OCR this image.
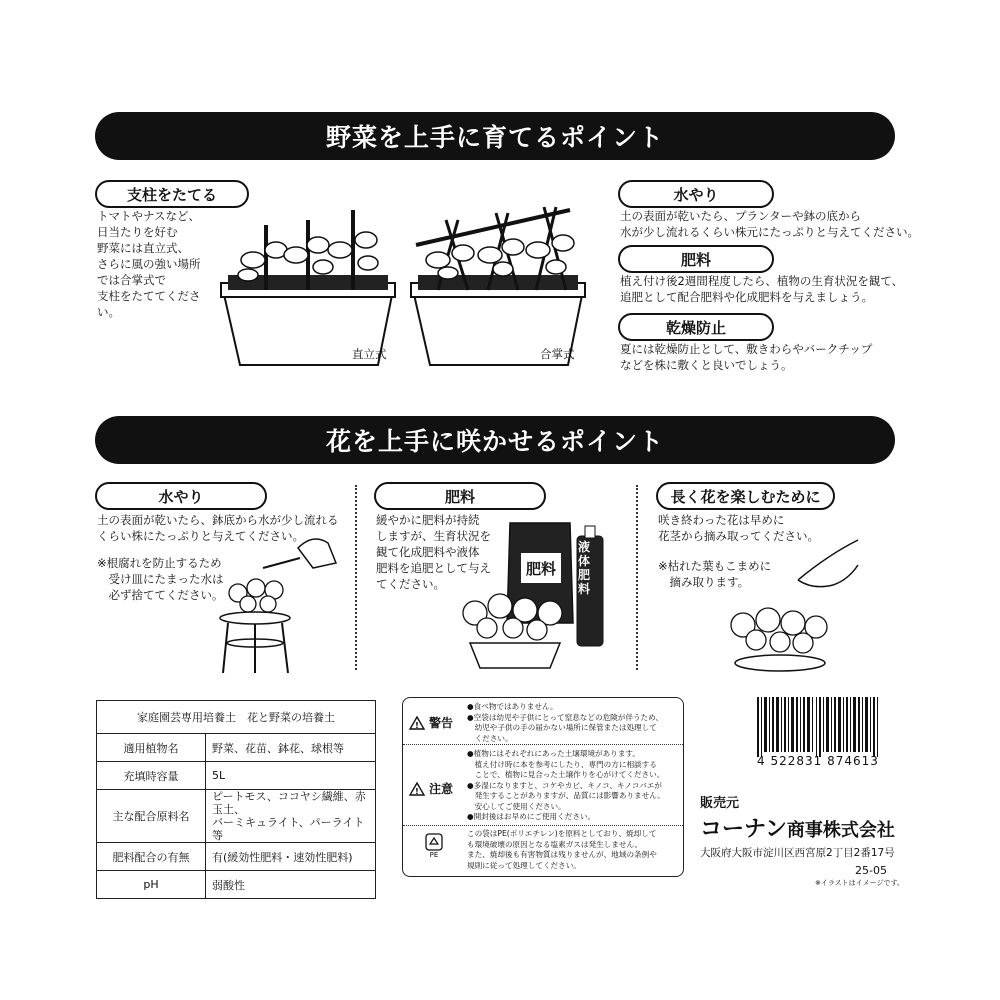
野菜を上手に育てるポイント
支柱をたてる
トマトやナスなど、
日当たりを好む
野菜には直立式、
さらに風の強い場所
では合掌式で
支柱をたててください。
直立式	合掌式
水やり
土の表面が乾いたら、プランターや鉢の底から
水が少し流れるくらい株元にたっぷりと与えてください。
肥料
植え付け後2週間程度したら、植物の生育状況を観て、
追肥として配合肥料や化成肥料を与えましょう。
乾燥防止
夏には乾燥防止として、敷きわらやバークチップ
などを株に敷くと良いでしょう。
花を上手に咲かせるポイント
水やり
土の表面が乾いたら、鉢底から水が少し流れる
くらい株にたっぷりと与えてください。
※根腐れを防止するため
　受け皿にたまった水は
　必ず捨ててください。
肥料
緩やかに肥料が持続
しますが、生育状況を
観て化成肥料や液体
肥料を追肥として与え
てください。
肥料
液体肥料
長く花を楽しむために
咲き終わった花は早めに
花茎から摘み取ってください。
※枯れた葉もこまめに
　摘み取ります。
家庭園芸専用培養土　花と野菜の培養土	
適用植物名	野菜、花苗、鉢花、球根等
充填時容量	5L
主な配合原料名	ピートモス、ココヤシ繊維、赤玉土、
バーミキュライト、パーライト　等
肥料配合の有無	有(緩効性肥料・速効性肥料)
pH	弱酸性
! 警告
●食べ物ではありません。
●空袋は幼児や子供にとって窒息などの危険が伴うため、
　幼児や子供の手の届かない場所に保管または処理して
　ください。
! 注意
●植物にはそれぞれにあった土壌環境があります。
　植え付け時に本を参考にしたり、専門の方に相談する
　ことで、植物に見合った土壌作りを心がけてください。
●多湿になりますと、コケやカビ、キノコ、キノコバエが
　発生することがありますが、品質には影響ありません。
　安心してご使用ください。
●開封後はお早めにご使用ください。
PE
この袋はPE(ポリエチレン)を原料としており、焼却して
も環境破壊の原因となる塩素ガスは発生しません。
また、焼却後も有害物質は残りませんが、地域の条例や
規則に従って処理してください。
4 522831 874613
販売元
コーナン商事株式会社
大阪府大阪市淀川区西宮原2丁目2番17号
25-05
※イラストはイメージです。
